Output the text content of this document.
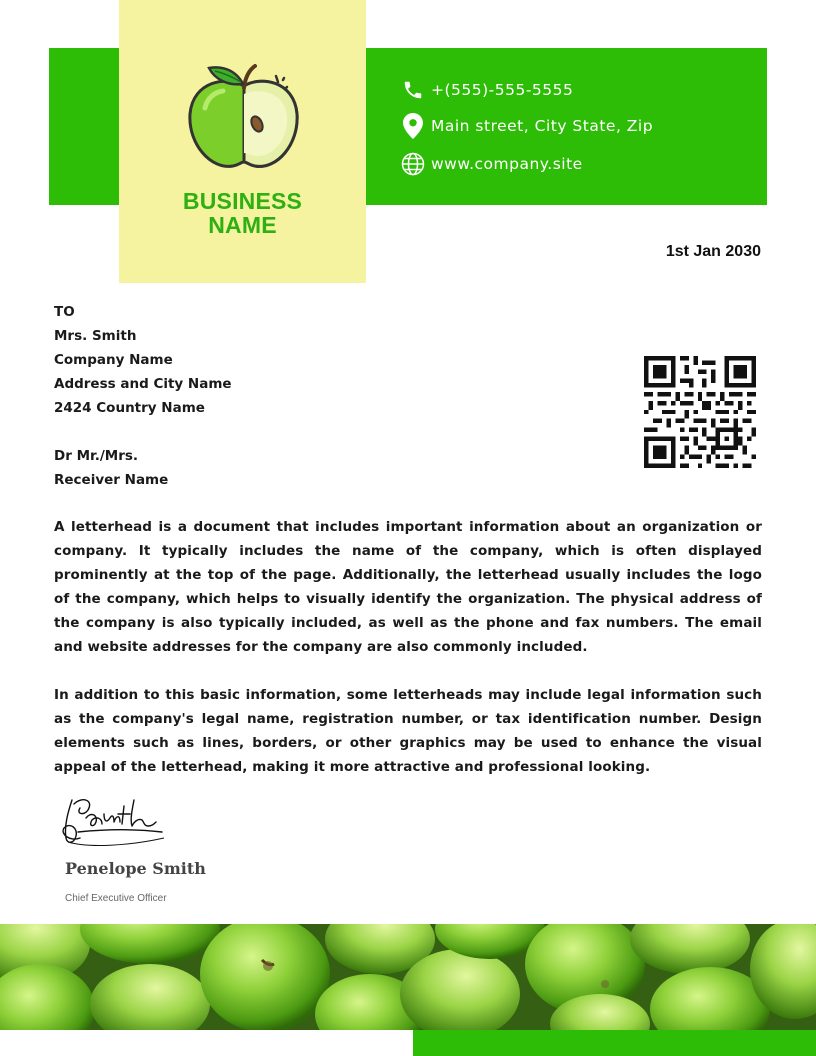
BUSINESS
NAME
+(555)-555-5555
Main street, City State, Zip
www.company.site
1st Jan 2030
TO
Mrs. Smith
Company Name
Address and City Name
2424 Country Name
Dr Mr./Mrs.
Receiver Name
A letterhead is a document that includes important information about an organization or company. It typically includes the name of the company, which is often displayed prominently at the top of the page. Additionally, the letterhead usually includes the logo of the company, which helps to visually identify the organization. The physical address of the company is also typically included, as well as the phone and fax numbers. The email and website addresses for the company are also commonly included.
In addition to this basic information, some letterheads may include legal information such as the company's legal name, registration number, or tax identification number. Design elements such as lines, borders, or other graphics may be used to enhance the visual appeal of the letterhead, making it more attractive and professional looking.
Penelope Smith
Chief Executive Officer
